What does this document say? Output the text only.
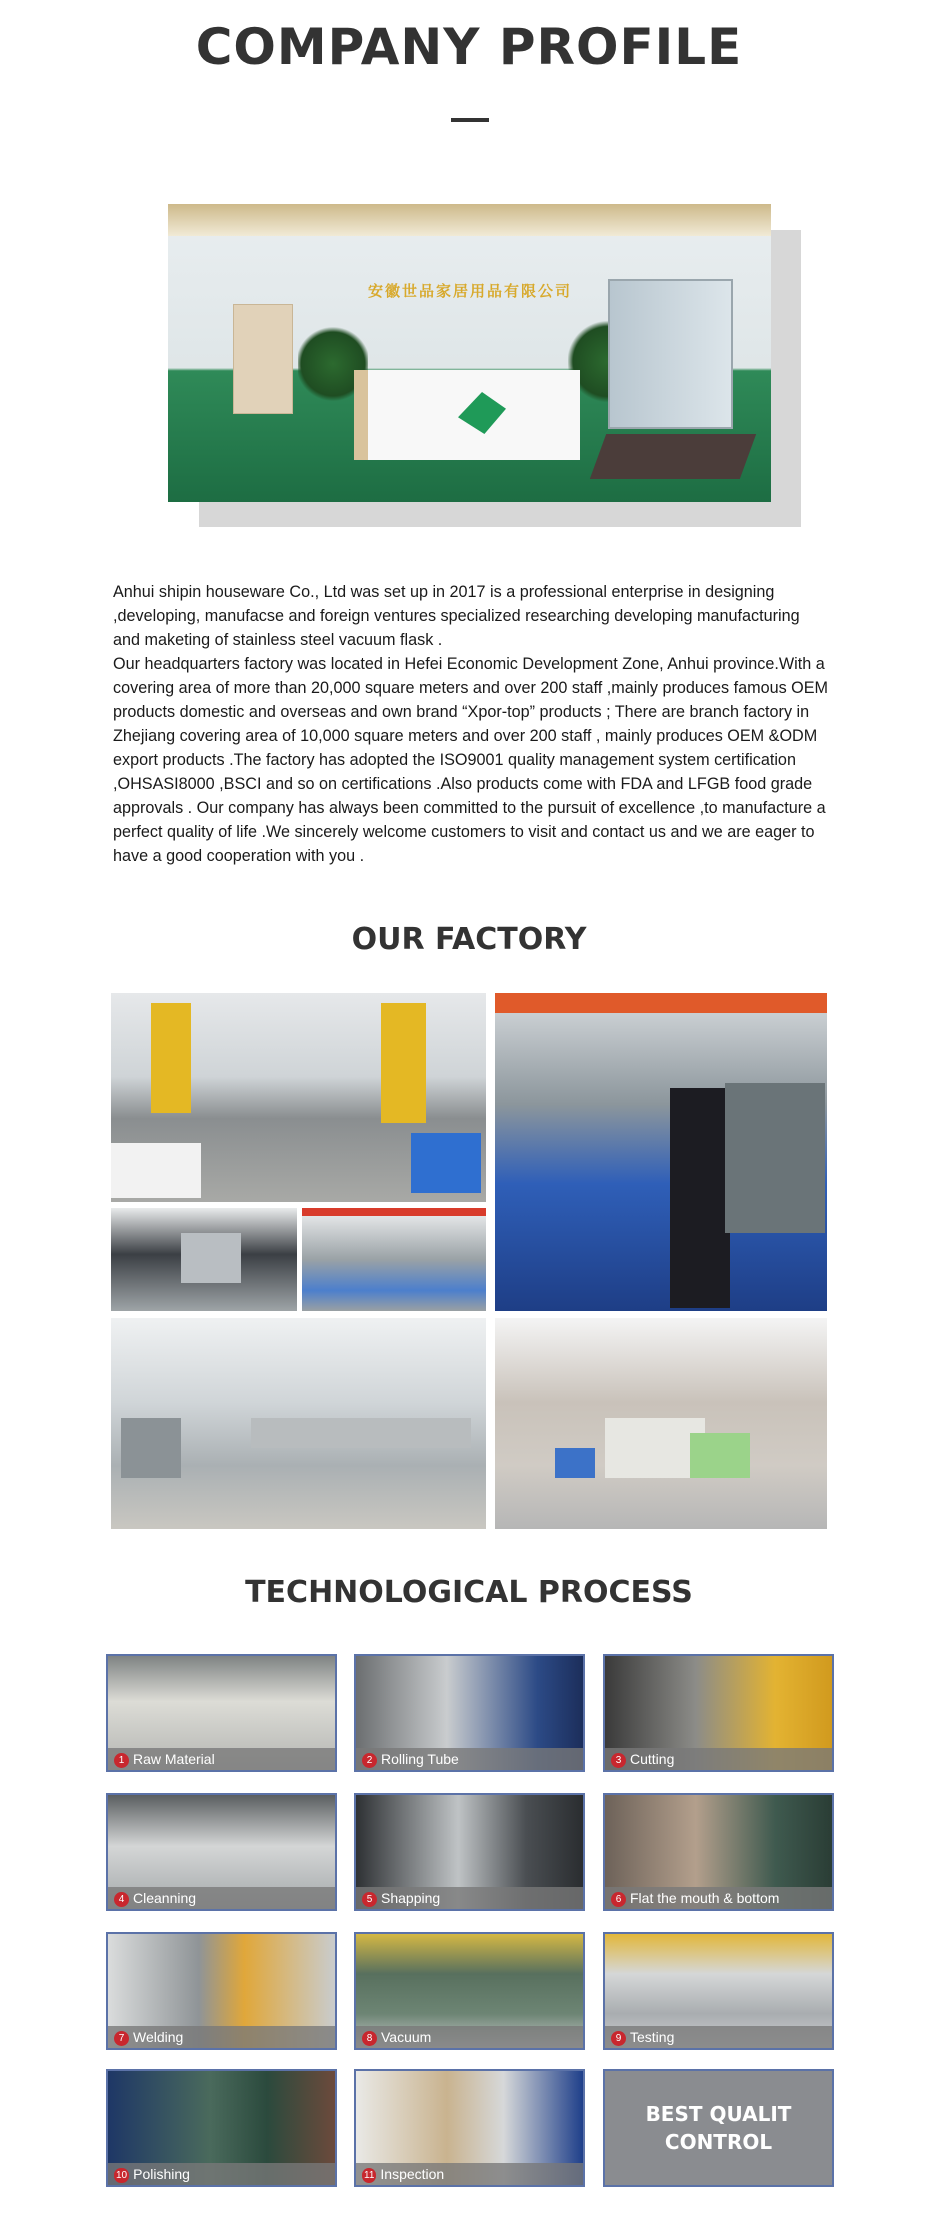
COMPANY PROFILE
安徽世品家居用品有限公司

Anhui shipin houseware Co., Ltd was set up in 2017 is a professional enterprise in designing ,developing, manufacse and foreign ventures specialized researching developing manufacturing and maketing of stainless steel vacuum flask .

Our headquarters factory was located in Hefei Economic Development Zone, Anhui province.With a covering area of more than 20,000 square meters and over 200 staff ,mainly produces famous OEM products domestic and overseas and own brand “Xpor-top” products ; There are branch factory in Zhejiang covering area of 10,000 square meters and over 200 staff , mainly produces OEM &ODM export products .The factory has adopted the ISO9001 quality management system certification ,OHSASI8000 ,BSCI and so on certifications .Also products come with FDA and LFGB food grade approvals . Our company has always been committed to the pursuit of excellence ,to manufacture a perfect quality of life .We sincerely welcome customers to visit and contact us and we are eager to have a good cooperation with you .

OUR FACTORY
TECHNOLOGICAL PROCESS
1 Raw Material	2 Rolling Tube	3 Cutting
4 Cleanning	5 Shapping	6 Flat the mouth & bottom
7 Welding	8 Vacuum	9 Testing
10 Polishing	11 Inspection
BEST QUALIT
CONTROL
